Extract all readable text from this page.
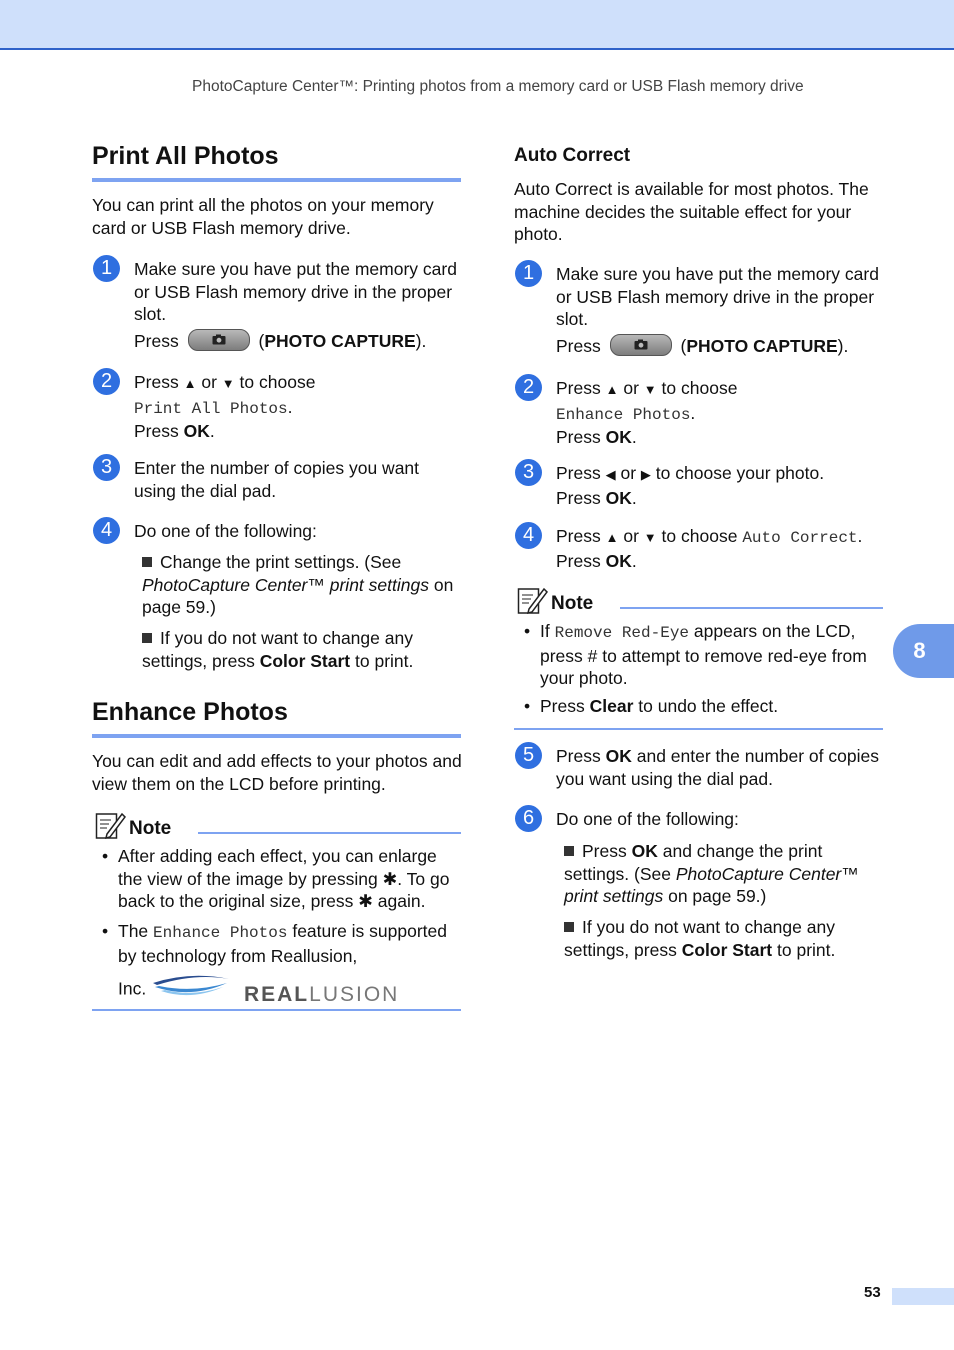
PhotoCapture Center™: Printing photos from a memory card or USB Flash memory drive
Print All Photos
You can print all the photos on your memory card or USB Flash memory drive.
1	Make sure you have put the memory card or USB Flash memory drive in the proper slot.
Press	(PHOTO CAPTURE).
2	Press ▲ or ▼ to choose
Print All Photos.
Press OK.
3	Enter the number of copies you want using the dial pad.
4	Do one of the following:
Change the print settings. (See PhotoCapture Center™ print settings on page 59.)
If you do not want to change any settings, press Color Start to print.
Enhance Photos
You can edit and add effects to your photos and view them on the LCD before printing.
Note
• After adding each effect, you can enlarge the view of the image by pressing ✱. To go back to the original size, press ✱ again.
• The Enhance Photos feature is supported by technology from Reallusion,
Inc.	REALLUSION
Auto Correct
Auto Correct is available for most photos. The machine decides the suitable effect for your photo.
1	Make sure you have put the memory card or USB Flash memory drive in the proper slot.
Press	(PHOTO CAPTURE).
2	Press ▲ or ▼ to choose
Enhance Photos.
Press OK.
3	Press ◀ or ▶ to choose your photo.
Press OK.
4	Press ▲ or ▼ to choose Auto Correct.
Press OK.
Note
• If Remove Red-Eye appears on the LCD, press # to attempt to remove red-eye from your photo.
• Press Clear to undo the effect.
5	Press OK and enter the number of copies you want using the dial pad.
6	Do one of the following:
Press OK and change the print settings. (See PhotoCapture Center™ print settings on page 59.)
If you do not want to change any settings, press Color Start to print.
8
53
